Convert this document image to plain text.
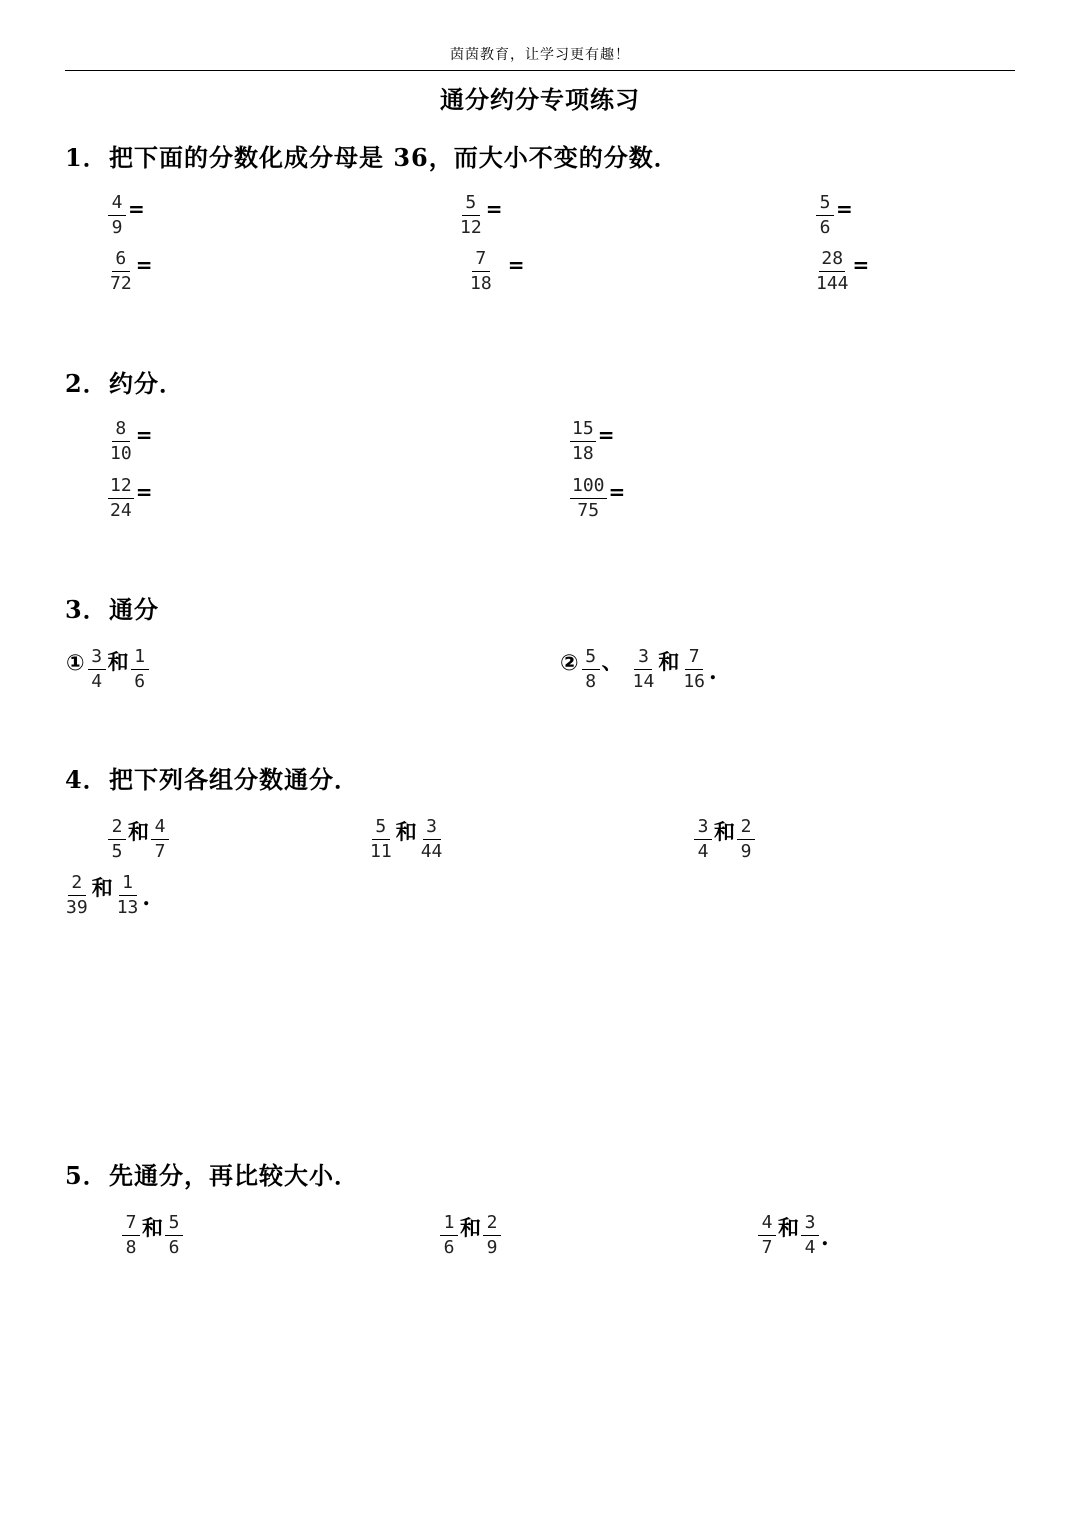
茵茵教育，让学习更有趣！
通分约分专项练习
1．把下面的分数化成分母是 36，而大小不变的分数．
$\frac{4}{9}$ =	$\frac{5}{12}$ =	$\frac{5}{6}$ =
$\frac{6}{72}$ =	$\frac{7}{18}$ =	$\frac{28}{144}$ =
2．约分．
$\frac{8}{10}$ =	$\frac{15}{18}$ =
$\frac{12}{24}$ =	$\frac{100}{75}$ =
3．通分
① $\frac{3}{4}$ 和 $\frac{1}{6}$	② $\frac{5}{8}$ 、 $\frac{3}{14}$ 和 $\frac{7}{16}$ .
4．把下列各组分数通分．
$\frac{2}{5}$ 和 $\frac{4}{7}$	$\frac{5}{11}$ 和 $\frac{3}{44}$	$\frac{3}{4}$ 和 $\frac{2}{9}$
$\frac{2}{39}$ 和 $\frac{1}{13}$ .
5．先通分，再比较大小．
$\frac{7}{8}$ 和 $\frac{5}{6}$	$\frac{1}{6}$ 和 $\frac{2}{9}$	$\frac{4}{7}$ 和 $\frac{3}{4}$ .
